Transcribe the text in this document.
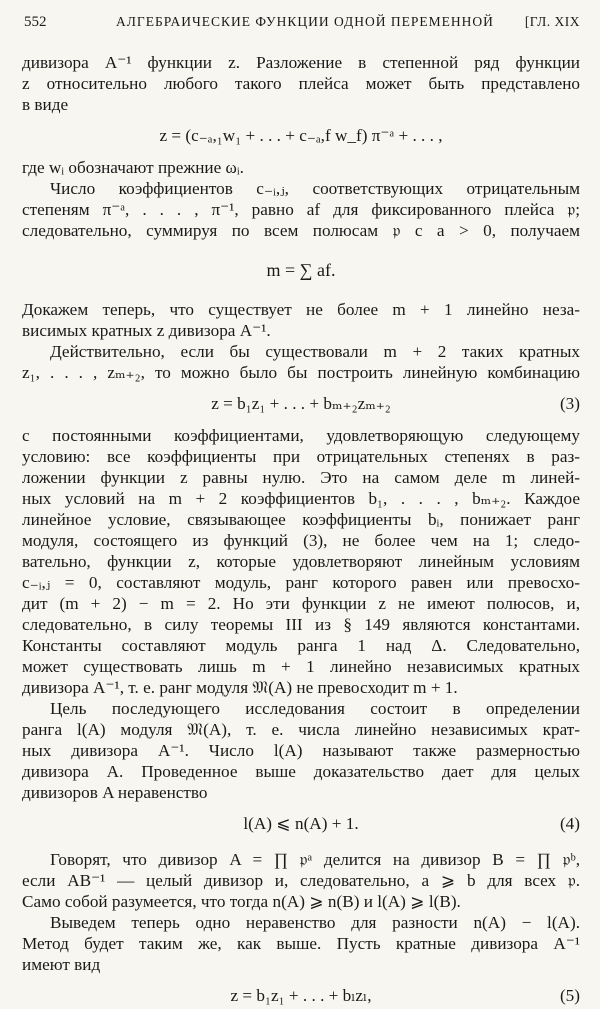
552	АЛГЕБРАИЧЕСКИЕ ФУНКЦИИ ОДНОЙ ПЕРЕМЕННОЙ [ГЛ. XIX
дивизора A⁻¹ функции z. Разложение в степенной ряд функции
z относительно любого такого плейса может быть представлено
в виде
z = (c₋ₐ,₁w₁ + . . . + c₋ₐ,f w_f) π⁻ᵃ + . . . ,
где wᵢ обозначают прежние ωᵢ.
Число коэффициентов c₋ᵢ,ⱼ, соответствующих отрицательным
степеням π⁻ᵃ, . . . , π⁻¹, равно af для фиксированного плейса 𝔭;
следовательно, суммируя по всем полюсам 𝔭 с a > 0, получаем
m = ∑ af.
Докажем теперь, что существует не более m + 1 линейно неза-
висимых кратных z дивизора A⁻¹.
Действительно, если бы существовали m + 2 таких кратных
z₁, . . . , zₘ₊₂, то можно было бы построить линейную комбинацию
z = b₁z₁ + . . . + bₘ₊₂zₘ₊₂	(3)
с постоянными коэффициентами, удовлетворяющую следующему
условию: все коэффициенты при отрицательных степенях в раз-
ложении функции z равны нулю. Это на самом деле m линей-
ных условий на m + 2 коэффициентов b₁, . . . , bₘ₊₂. Каждое
линейное условие, связывающее коэффициенты bᵢ, понижает ранг
модуля, состоящего из функций (3), не более чем на 1; следо-
вательно, функции z, которые удовлетворяют линейным условиям
c₋ᵢ,ⱼ = 0, составляют модуль, ранг которого равен или превосхо-
дит (m + 2) − m = 2. Но эти функции z не имеют полюсов, и,
следовательно, в силу теоремы III из § 149 являются константами.
Константы составляют модуль ранга 1 над Δ. Следовательно,
может существовать лишь m + 1 линейно независимых кратных
дивизора A⁻¹, т. е. ранг модуля 𝔐(A) не превосходит m + 1.
Цель последующего исследования состоит в определении
ранга l(A) модуля 𝔐(A), т. е. числа линейно независимых крат-
ных дивизора A⁻¹. Число l(A) называют также размерностью
дивизора A. Проведенное выше доказательство дает для целых
дивизоров A неравенство
l(A) ⩽ n(A) + 1.	(4)
Говорят, что дивизор A = ∏ 𝔭ᵃ делится на дивизор B = ∏ 𝔭ᵇ,
если AB⁻¹ — целый дивизор и, следовательно, a ⩾ b для всех 𝔭.
Само собой разумеется, что тогда n(A) ⩾ n(B) и l(A) ⩾ l(B).
Выведем теперь одно неравенство для разности n(A) − l(A).
Метод будет таким же, как выше. Пусть кратные дивизора A⁻¹
имеют вид
z = b₁z₁ + . . . + bₗzₗ,	(5)
